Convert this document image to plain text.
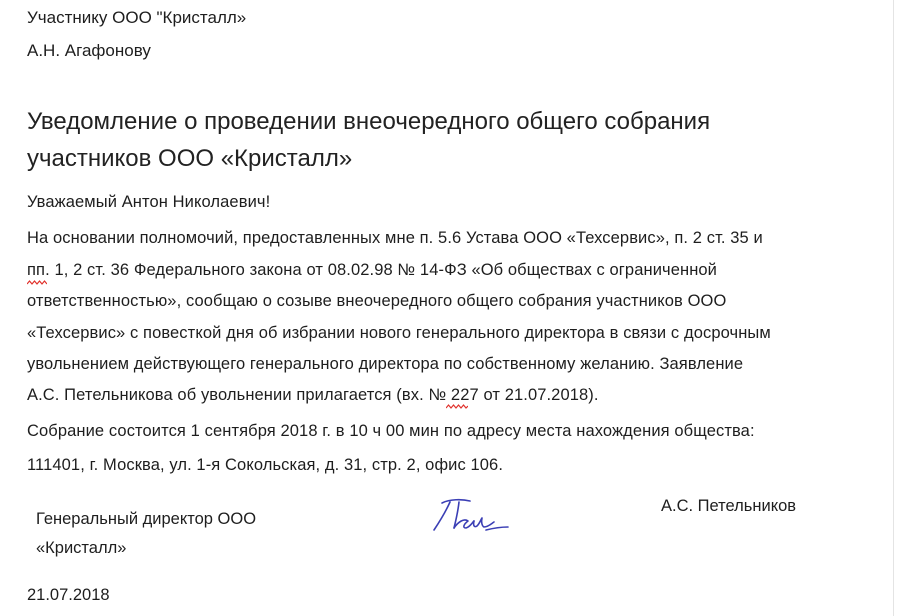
Участнику ООО "Кристалл»
А.Н. Агафонову
Уведомление о проведении внеочередного общего собрания
участников ООО «Кристалл»
Уважаемый Антон Николаевич!
На основании полномочий, предоставленных мне п. 5.6 Устава ООО «Техсервис», п. 2 ст. 35 и
пп. 1, 2 ст. 36 Федерального закона от 08.02.98 № 14-ФЗ «Об обществах с ограниченной
ответственностью», сообщаю о созыве внеочередного общего собрания участников ООО
«Техсервис» с повесткой дня об избрании нового генерального директора в связи с досрочным
увольнением действующего генерального директора по собственному желанию. Заявление
А.С. Петельникова об увольнении прилагается (вх. № 227 от 21.07.2018).
Собрание состоится 1 сентября 2018 г. в 10 ч 00 мин по адресу места нахождения общества:
111401, г. Москва, ул. 1-я Сокольская, д. 31, стр. 2, офис 106.
Генеральный директор ООО
«Кристалл»
А.С. Петельников
21.07.2018
